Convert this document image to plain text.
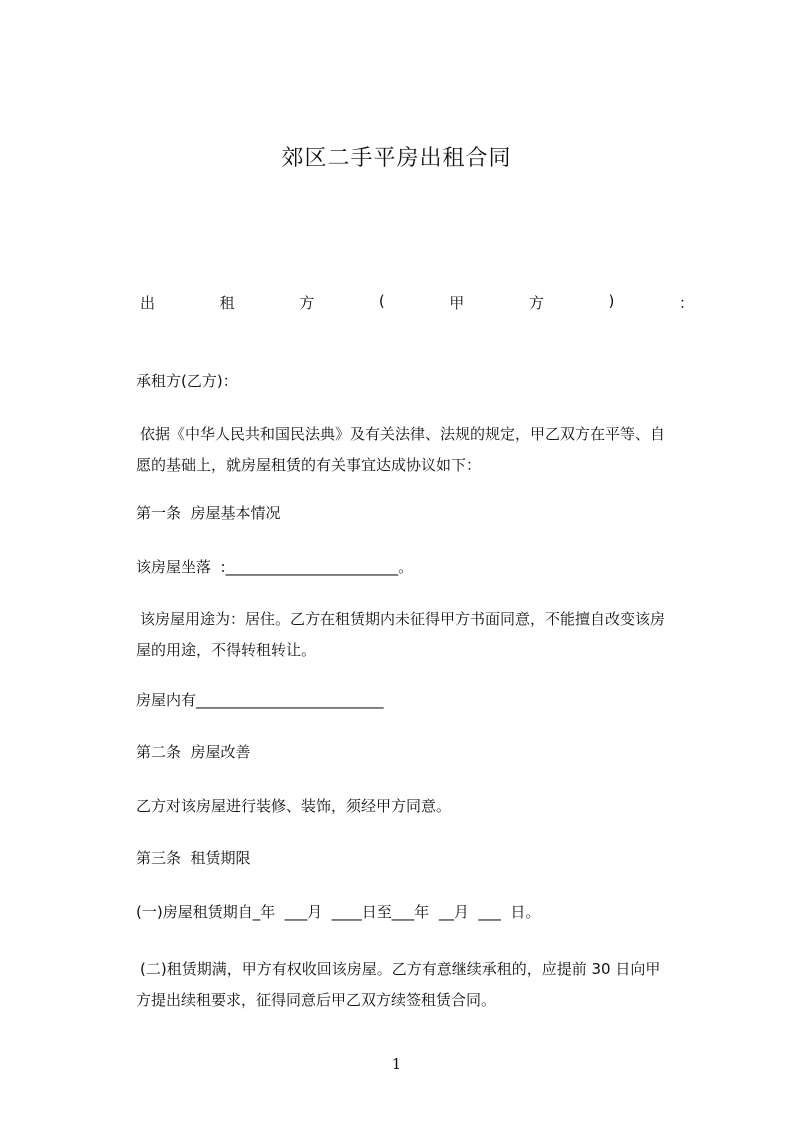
郊区二手平房出租合同
出	租	方	(	甲	方	)	：
承租方(乙方)：
依据《中华人民共和国民法典》及有关法律、法规的规定，甲乙双方在平等、自
愿的基础上，就房屋租赁的有关事宜达成协议如下：
第一条  房屋基本情况
该房屋坐落  :_______________________。
该房屋用途为：居住。乙方在租赁期内未征得甲方书面同意，不能擅自改变该房
屋的用途，不得转租转让。
房屋内有_________________________
第二条  房屋改善
乙方对该房屋进行装修、装饰，须经甲方同意。
第三条  租赁期限
(一)房屋租赁期自_年  ___月  ____日至___年  __月  ___  日。
(二)租赁期满，甲方有权收回该房屋。乙方有意继续承租的，应提前 30 日向甲
方提出续租要求，征得同意后甲乙双方续签租赁合同。
1
